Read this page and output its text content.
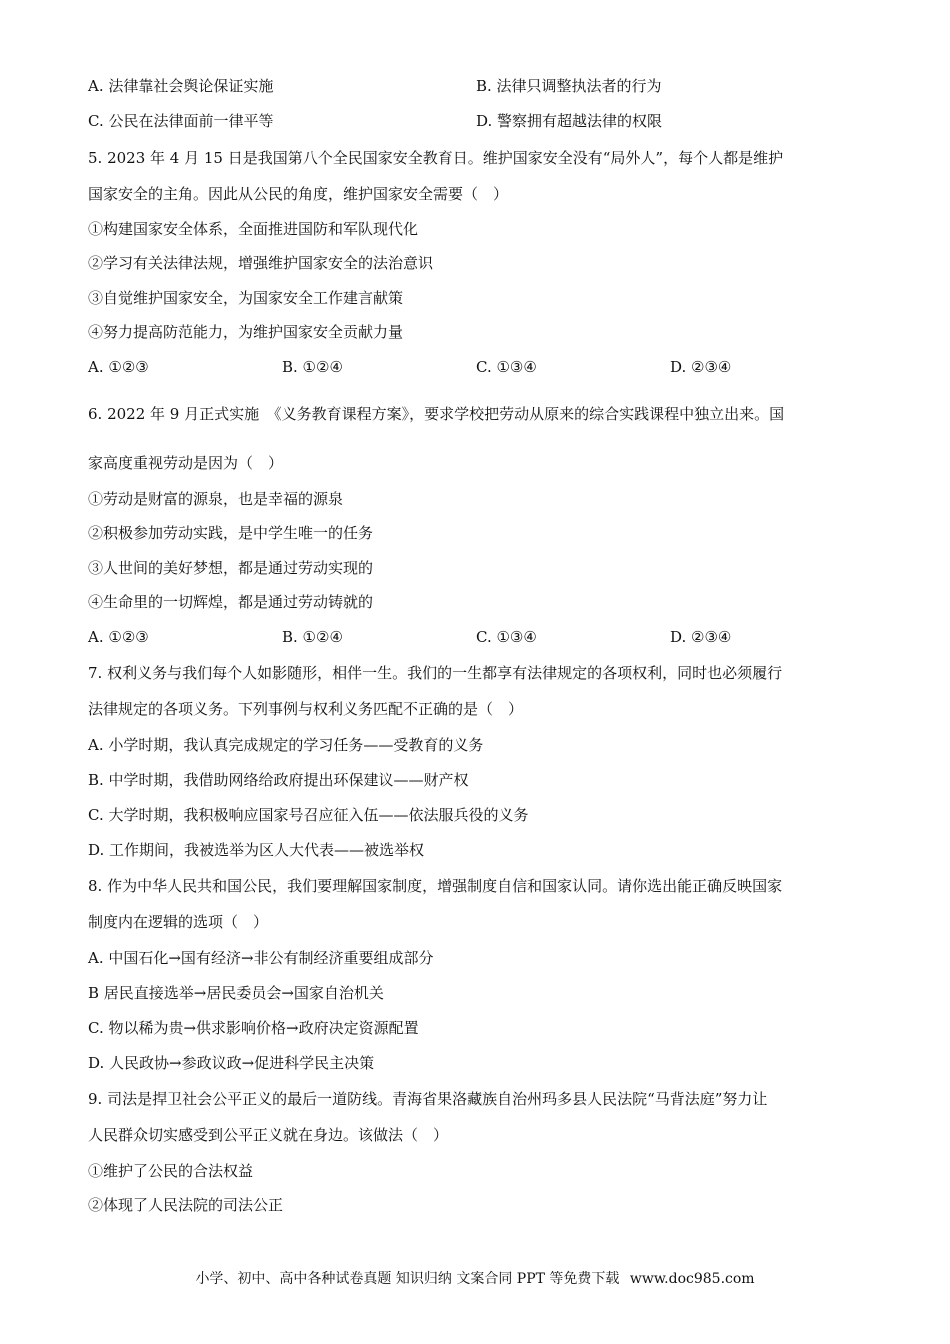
A. 法律靠社会舆论保证实施	B. 法律只调整执法者的行为
C. 公民在法律面前一律平等	D. 警察拥有超越法律的权限
5. 2023 年 4 月 15 日是我国第八个全民国家安全教育日。维护国家安全没有“局外人”，每个人都是维护
国家安全的主角。因此从公民的角度，维护国家安全需要（　）
①构建国家安全体系，全面推进国防和军队现代化
②学习有关法律法规，增强维护国家安全的法治意识
③自觉维护国家安全，为国家安全工作建言献策
④努力提高防范能力，为维护国家安全贡献力量
A. ①②③	B. ①②④	C. ①③④	D. ②③④
6. 2022 年 9 月正式实施　《义务教育课程方案》，要求学校把劳动从原来的综合实践课程中独立出来。国
家高度重视劳动是因为（　）
①劳动是财富的源泉，也是幸福的源泉
②积极参加劳动实践，是中学生唯一的任务
③人世间的美好梦想，都是通过劳动实现的
④生命里的一切辉煌，都是通过劳动铸就的
A. ①②③	B. ①②④	C. ①③④	D. ②③④
7. 权利义务与我们每个人如影随形，相伴一生。我们的一生都享有法律规定的各项权利，同时也必须履行
法律规定的各项义务。下列事例与权利义务匹配不正确的是（　）
A. 小学时期，我认真完成规定的学习任务——受教育的义务
B. 中学时期，我借助网络给政府提出环保建议——财产权
C. 大学时期，我积极响应国家号召应征入伍——依法服兵役的义务
D. 工作期间，我被选举为区人大代表——被选举权
8. 作为中华人民共和国公民，我们要理解国家制度，增强制度自信和国家认同。请你选出能正确反映国家
制度内在逻辑的选项（　）
A. 中国石化→国有经济→非公有制经济重要组成部分
B 居民直接选举→居民委员会→国家自治机关
C. 物以稀为贵→供求影响价格→政府决定资源配置
D. 人民政协→参政议政→促进科学民主决策
9. 司法是捍卫社会公平正义的最后一道防线。青海省果洛藏族自治州玛多县人民法院“马背法庭”努力让
人民群众切实感受到公平正义就在身边。该做法（　）
①维护了公民的合法权益
②体现了人民法院的司法公正
小学、初中、高中各种试卷真题 知识归纳 文案合同 PPT 等免费下载 www.doc985.com
